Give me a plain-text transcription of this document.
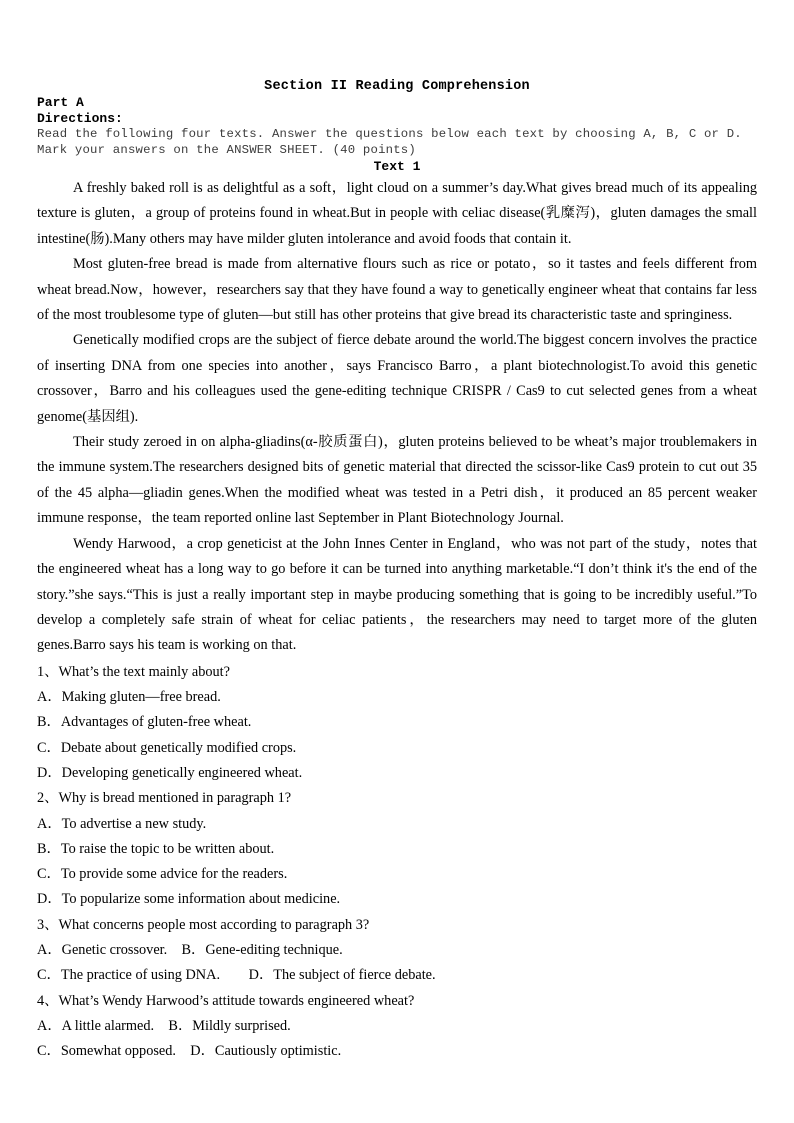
Section II Reading Comprehension
Part A
Directions:
Read the following four texts. Answer the questions below each text by choosing A, B, C or D. Mark your answers on the ANSWER SHEET. (40 points)
Text 1

A freshly baked roll is as delightful as a soft，light cloud on a summer’s day.What gives bread much of its appealing texture is gluten，a group of proteins found in wheat.But in people with celiac disease(乳糜泻)，gluten damages the small intestine(肠).Many others may have milder gluten intolerance and avoid foods that contain it.

Most gluten-free bread is made from alternative flours such as rice or potato，so it tastes and feels different from wheat bread.Now，however，researchers say that they have found a way to genetically engineer wheat that contains far less of the most troublesome type of gluten—but still has other proteins that give bread its characteristic taste and springiness.

Genetically modified crops are the subject of fierce debate around the world.The biggest concern involves the practice of inserting DNA from one species into another，says Francisco Barro，a plant biotechnologist.To avoid this genetic crossover，Barro and his colleagues used the gene-editing technique CRISPR / Cas9 to cut selected genes from a wheat genome(基因组).

Their study zeroed in on alpha-gliadins(α-胶质蛋白)，gluten proteins believed to be wheat’s major troublemakers in the immune system.The researchers designed bits of genetic material that directed the scissor-like Cas9 protein to cut out 35 of the 45 alpha—gliadin genes.When the modified wheat was tested in a Petri dish，it produced an 85 percent weaker immune response，the team reported online last September in Plant Biotechnology Journal.

Wendy Harwood，a crop geneticist at the John Innes Center in England，who was not part of the study，notes that the engineered wheat has a long way to go before it can be turned into anything marketable.“I don’t think it's the end of the story.”she says.“This is just a really important step in maybe producing something that is going to be incredibly useful.”To develop a completely safe strain of wheat for celiac patients，the researchers may need to target more of the gluten genes.Barro says his team is working on that.

1、What’s the text mainly about?
A．Making gluten—free bread.
B．Advantages of gluten-free wheat.
C．Debate about genetically modified crops.
D．Developing genetically engineered wheat.
2、Why is bread mentioned in paragraph 1?
A．To advertise a new study.
B．To raise the topic to be written about.
C．To provide some advice for the readers.
D．To popularize some information about medicine.
3、What concerns people most according to paragraph 3?
A．Genetic crossover.　B．Gene-editing technique.
C．The practice of using DNA.　　D．The subject of fierce debate.
4、What’s Wendy Harwood’s attitude towards engineered wheat?
A．A little alarmed.　B．Mildly surprised.
C．Somewhat opposed.　D．Cautiously optimistic.
